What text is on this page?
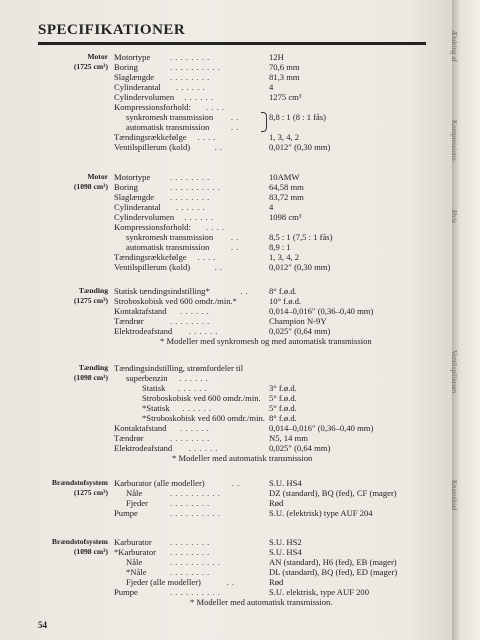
SPECIFIKATIONER
Motor
(1725 cm³)
Motortype . . . . . . . .	12H
Boring	. . . . . . . . . .	70,6 mm
Slaglængde . . . . . . . .	81,3 mm
Cylinderantal . . . . . .	4
Cylindervolumen . . . . . .	1275 cm³
Kompressionsforhold: . . . .
synkromesh transmission . .	8,8 : 1 (8 : 1 fås)
automatisk transmission	. .
Tændingsrækkefølge . . . .	1, 3, 4, 2
Ventilspillerum (kold)	. .	0,012″ (0,30 mm)
Motor
(1098 cm³)
Motortype . . . . . . . .	10AMW
Boring	. . . . . . . . . .	64,58 mm
Slaglængde . . . . . . . .	83,72 mm
Cylinderantal . . . . . .	4
Cylindervolumen . . . . . .	1098 cm³
Kompressionsforhold: . . . .
synkromesh transmission . .	8,5 : 1 (7,5 : 1 fås)
automatisk transmission	. .	8,9 : 1
Tændingsrækkefølge . . . .	1, 3, 4, 2
Ventilspillerum (kold)	. .	0,012″ (0,30 mm)
Tænding
(1275 cm³)
Statisk tændingsindstilling*	. . 8° f.ø.d.
Stroboskobisk ved 600 omdr./min.*	10° f.ø.d.
Kontaktafstand . . . . . .	0,014–0,016″ (0,36–0,40 mm)
Tændrør	. . . . . . . .	Champion N-9Y
Elektrodeafstand . . . . . .	0,025″ (0,64 mm)
* Modeller med synkromesh og med automatisk transmission
Tænding
(1098 cm³)
Tændingsindstilling, strømfordeler til
superbenzin . . . . . .
Statisk . . . . . .	3° f.ø.d.
Stroboskobisk ved 600 omdr./min. 5° f.ø.d.
*Statisk . . . . . .	5° f.ø.d.
*Stroboskobisk ved 600 omdr./min. 8° f.ø.d.
Kontaktafstand . . . . . .	0,014–0,016″ (0,36–0,40 mm)
Tændrør	. . . . . . . .	N5, 14 mm
Elektrodeafstand . . . . . .	0,025″ (0,64 mm)
* Modeller med automatisk transmission
Brændstofsystem
(1275 cm³)
Karburator (alle modeller)	. .	S.U. HS4
Nåle	. . . . . . . . . .	DZ (standard), BQ (fed), CF (mager)
Fjeder	. . . . . . . .	Rød
Pumpe	. . . . . . . . . .	S.U. (elektrisk) type AUF 204
Brændstofsystem
(1098 cm³)
Karburator . . . . . . . .	S.U. HS2
*Karburator . . . . . . . .	S.U. HS4
Nåle	. . . . . . . . . .	AN (standard), H6 (fed), EB (mager)
*Nåle	. . . . . . . .	DL (standard), BQ (fed), ED (mager)
Fjeder (alle modeller)	. .	Rød
Pumpe	. . . . . . . . . .	S.U. elektrisk, type AUF 200
* Modeller med automatisk transmission.
54
Ændring af
Kompressions-
Hvis
Ventilspillerum
Knastaksel
